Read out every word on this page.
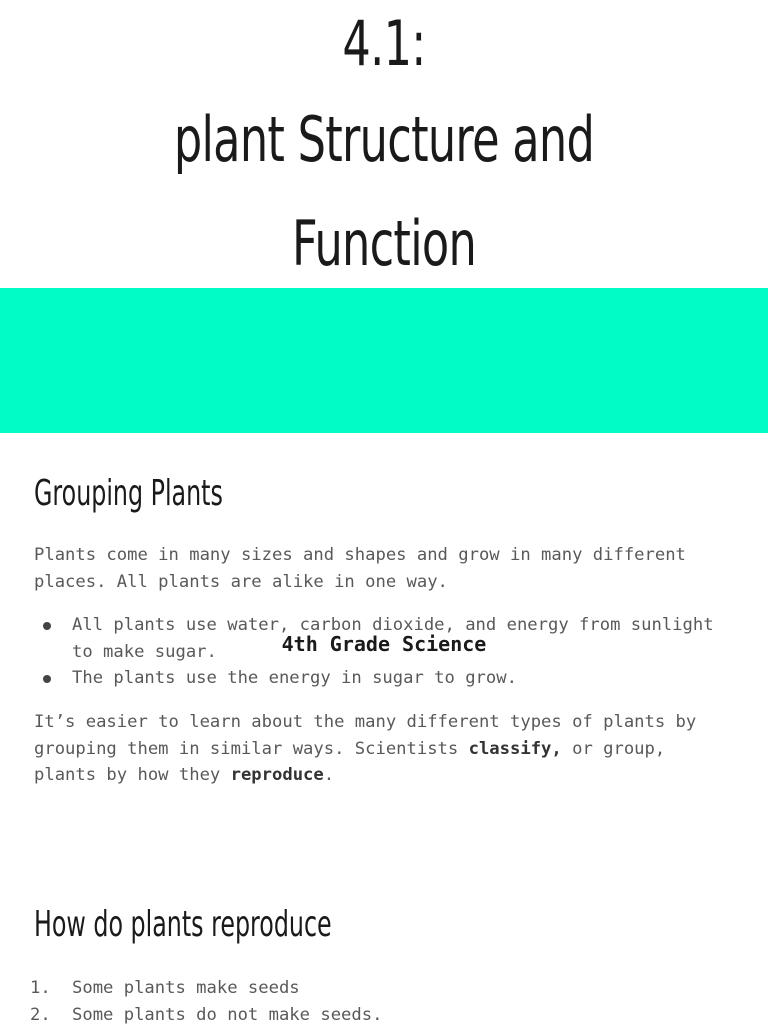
4.1:
plant Structure and
Function
4th Grade Science
Grouping Plants

Plants come in many sizes and shapes and grow in many different places. All plants are alike in one way.

All plants use water, carbon dioxide, and energy from sunlight to make sugar.
The plants use the energy in sugar to grow.

It’s easier to learn about the many different types of plants by grouping them in similar ways. Scientists classify, or group, plants by how they reproduce.

How do plants reproduce
1. Some plants make seeds
2. Some plants do not make seeds.
